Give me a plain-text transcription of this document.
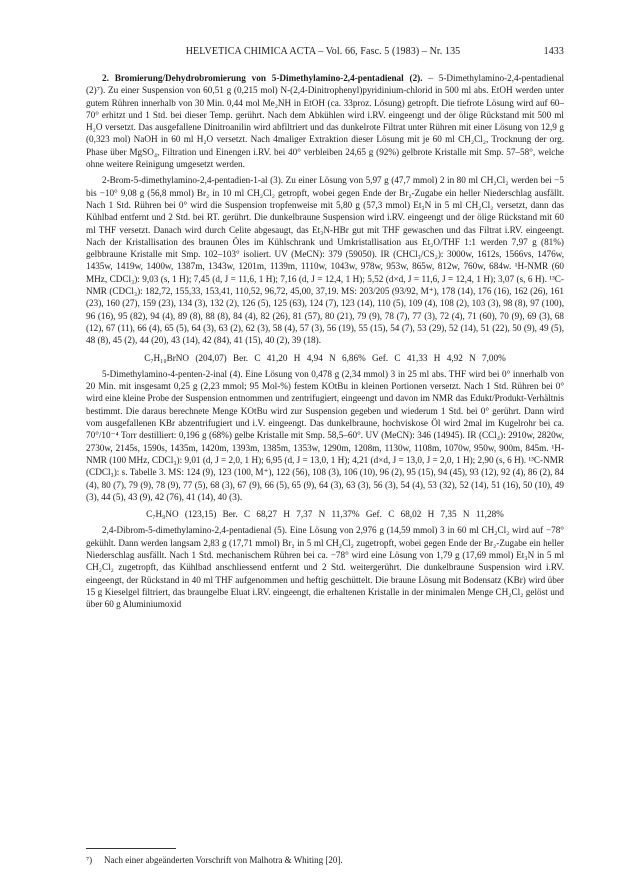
HELVETICA CHIMICA ACTA – Vol. 66, Fasc. 5 (1983) – Nr. 135	1433

2. Bromierung/Dehydrobromierung von 5-Dimethylamino-2,4-pentadienal (2). – 5-Dimethylamino-2,4-pentadienal (2)⁷). Zu einer Suspension von 60,51 g (0,215 mol) N-(2,4-Dinitrophenyl)pyridinium-chlorid in 500 ml abs. EtOH werden unter gutem Rühren innerhalb von 30 Min. 0,44 mol Me₂NH in EtOH (ca. 33proz. Lösung) getropft. Die tiefrote Lösung wird auf 60–70° erhitzt und 1 Std. bei dieser Temp. gerührt. Nach dem Abkühlen wird i.RV. eingeengt und der ölige Rückstand mit 500 ml H₂O versetzt. Das ausgefallene Dinitroanilin wird abfiltriert und das dunkelrote Filtrat unter Rühren mit einer Lösung von 12,9 g (0,323 mol) NaOH in 60 ml H₂O versetzt. Nach 4maliger Extraktion dieser Lösung mit je 60 ml CH₂Cl₂, Trocknung der org. Phase über MgSO₄, Filtration und Einengen i.RV. bei 40° verbleiben 24,65 g (92%) gelbrote Kristalle mit Smp. 57–58°, welche ohne weitere Reinigung umgesetzt werden.

2-Brom-5-dimethylamino-2,4-pentadien-1-al (3). Zu einer Lösung von 5,97 g (47,7 mmol) 2 in 80 ml CH₂Cl₂ werden bei −5 bis −10° 9,08 g (56,8 mmol) Br₂ in 10 ml CH₂Cl₂ getropft, wobei gegen Ende der Br₂-Zugabe ein heller Niederschlag ausfällt. Nach 1 Std. Rühren bei 0° wird die Suspension tropfenweise mit 5,80 g (57,3 mmol) Et₃N in 5 ml CH₂Cl₂ versetzt, dann das Kühlbad entfernt und 2 Std. bei RT. gerührt. Die dunkelbraune Suspension wird i.RV. eingeengt und der ölige Rückstand mit 60 ml THF versetzt. Danach wird durch Celite abgesaugt, das Et₃N-HBr gut mit THF gewaschen und das Filtrat i.RV. eingeengt. Nach der Kristallisation des braunen Öles im Kühlschrank und Umkristallisation aus Et₂O/THF 1:1 werden 7,97 g (81%) gelbbraune Kristalle mit Smp. 102–103° isoliert. UV (MeCN): 379 (59050). IR (CHCl₃/CS₂): 3000w, 1612s, 1566vs, 1476w, 1435w, 1419w, 1400w, 1387m, 1343w, 1201m, 1139m, 1110w, 1043w, 978w, 953w, 865w, 812w, 760w, 684w. ¹H-NMR (60 MHz, CDCl₃): 9,03 (s, 1 H); 7,45 (d, J = 11,6, 1 H); 7,16 (d, J = 12,4, 1 H); 5,52 (d×d, J = 11,6, J = 12,4, 1 H); 3,07 (s, 6 H). ¹³C-NMR (CDCl₃): 182,72, 155,33, 153,41, 110,52, 96,72, 45,00, 37,19. MS: 203/205 (93/92, M⁺), 178 (14), 176 (16), 162 (26), 161 (23), 160 (27), 159 (23), 134 (3), 132 (2), 126 (5), 125 (63), 124 (7), 123 (14), 110 (5), 109 (4), 108 (2), 103 (3), 98 (8), 97 (100), 96 (16), 95 (82), 94 (4), 89 (8), 88 (8), 84 (4), 82 (26), 81 (57), 80 (21), 79 (9), 78 (7), 77 (3), 72 (4), 71 (60), 70 (9), 69 (3), 68 (12), 67 (11), 66 (4), 65 (5), 64 (3), 63 (2), 62 (3), 58 (4), 57 (3), 56 (19), 55 (15), 54 (7), 53 (29), 52 (14), 51 (22), 50 (9), 49 (5), 48 (8), 45 (2), 44 (20), 43 (14), 42 (84), 41 (15), 40 (2), 39 (18).

C₇H₁₀BrNO (204,07) Ber. C 41,20 H 4,94 N 6,86% Gef. C 41,33 H 4,92 N 7,00%

5-Dimethylamino-4-penten-2-inal (4). Eine Lösung von 0,478 g (2,34 mmol) 3 in 25 ml abs. THF wird bei 0° innerhalb von 20 Min. mit insgesamt 0,25 g (2,23 mmol; 95 Mol-%) festem KOtBu in kleinen Portionen versetzt. Nach 1 Std. Rühren bei 0° wird eine kleine Probe der Suspension entnommen und zentrifugiert, eingeengt und davon im NMR das Edukt/Produkt-Verhältnis bestimmt. Die daraus berechnete Menge KOtBu wird zur Suspension gegeben und wiederum 1 Std. bei 0° gerührt. Dann wird vom ausgefallenen KBr abzentrifugiert und i.V. eingeengt. Das dunkelbraune, hochviskose Öl wird 2mal im Kugelrohr bei ca. 70°/10⁻⁴ Torr destilliert: 0,196 g (68%) gelbe Kristalle mit Smp. 58,5–60°. UV (MeCN): 346 (14945). IR (CCl₄): 2910w, 2820w, 2730w, 2145s, 1590s, 1435m, 1420m, 1393m, 1385m, 1353w, 1290m, 1208m, 1130w, 1108m, 1070w, 950w, 900m, 845m. ¹H-NMR (100 MHz, CDCl₃): 9,01 (d, J = 2,0, 1 H); 6,95 (d, J = 13,0, 1 H); 4,21 (d×d, J = 13,0, J = 2,0, 1 H); 2,90 (s, 6 H). ¹³C-NMR (CDCl₃): s. Tabelle 3. MS: 124 (9), 123 (100, M⁺), 122 (56), 108 (3), 106 (10), 96 (2), 95 (15), 94 (45), 93 (12), 92 (4), 86 (2), 84 (4), 80 (7), 79 (9), 78 (9), 77 (5), 68 (3), 67 (9), 66 (5), 65 (9), 64 (3), 63 (3), 56 (3), 54 (4), 53 (32), 52 (14), 51 (16), 50 (10), 49 (3), 44 (5), 43 (9), 42 (76), 41 (14), 40 (3).

C₇H₉NO (123,15) Ber. C 68,27 H 7,37 N 11,37% Gef. C 68,02 H 7,35 N 11,28%

2,4-Dibrom-5-dimethylamino-2,4-pentadienal (5). Eine Lösung von 2,976 g (14,59 mmol) 3 in 60 ml CH₂Cl₂ wird auf −78° gekühlt. Dann werden langsam 2,83 g (17,71 mmol) Br₂ in 5 ml CH₂Cl₂ zugetropft, wobei gegen Ende der Br₂-Zugabe ein heller Niederschlag ausfällt. Nach 1 Std. mechanischem Rühren bei ca. −78° wird eine Lösung von 1,79 g (17,69 mmol) Et₃N in 5 ml CH₂Cl₂ zugetropft, das Kühlbad anschliessend entfernt und 2 Std. weitergerührt. Die dunkelbraune Suspension wird i.RV. eingeengt, der Rückstand in 40 ml THF aufgenommen und heftig geschüttelt. Die braune Lösung mit Bodensatz (KBr) wird über 15 g Kieselgel filtriert, das braungelbe Eluat i.RV. eingeengt, die erhaltenen Kristalle in der minimalen Menge CH₂Cl₂ gelöst und über 60 g Aluminiumoxid

⁷) Nach einer abgeänderten Vorschrift von Malhotra & Whiting [20].
